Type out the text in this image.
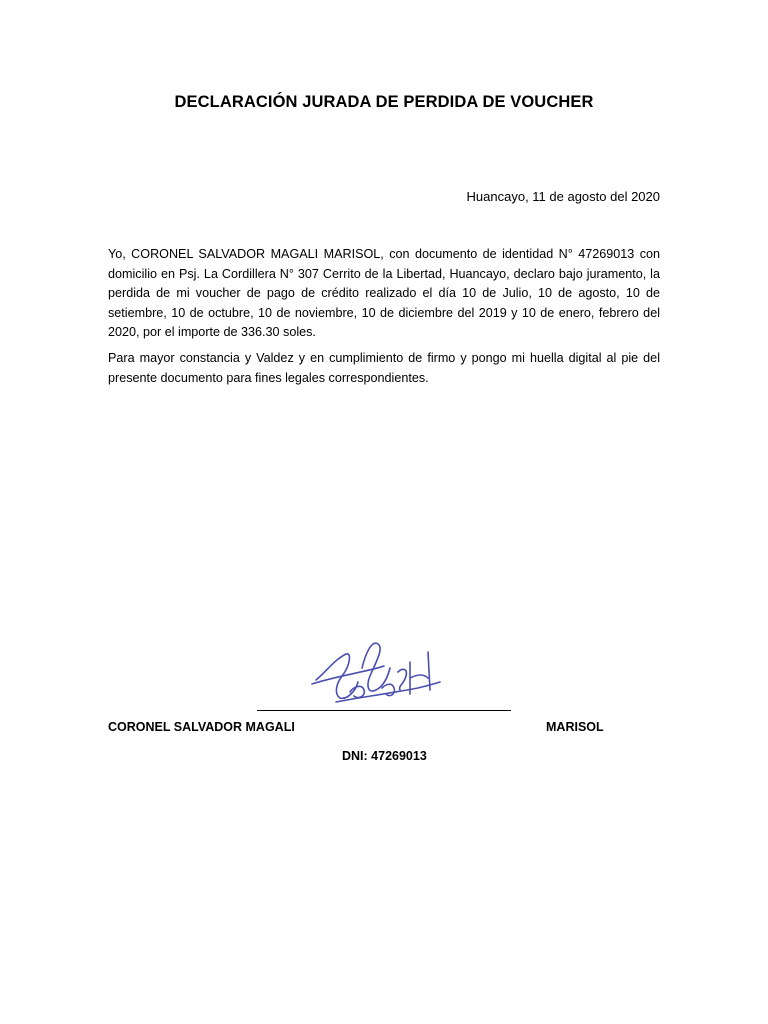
DECLARACIÓN JURADA DE PERDIDA DE VOUCHER
Huancayo, 11 de agosto del 2020
Yo, CORONEL SALVADOR MAGALI MARISOL, con documento de identidad N° 47269013 con domicilio en Psj. La Cordillera N° 307 Cerrito de la Libertad, Huancayo, declaro bajo juramento, la perdida de mi voucher de pago de crédito realizado el día 10 de Julio, 10 de agosto, 10 de setiembre, 10 de octubre, 10 de noviembre, 10 de diciembre del 2019 y 10 de enero, febrero del 2020, por el importe de 336.30 soles.
Para mayor constancia y Valdez y en cumplimiento de firmo y pongo mi huella digital al pie del presente documento para fines legales correspondientes.
CORONEL SALVADOR MAGALI	MARISOL
DNI: 47269013
